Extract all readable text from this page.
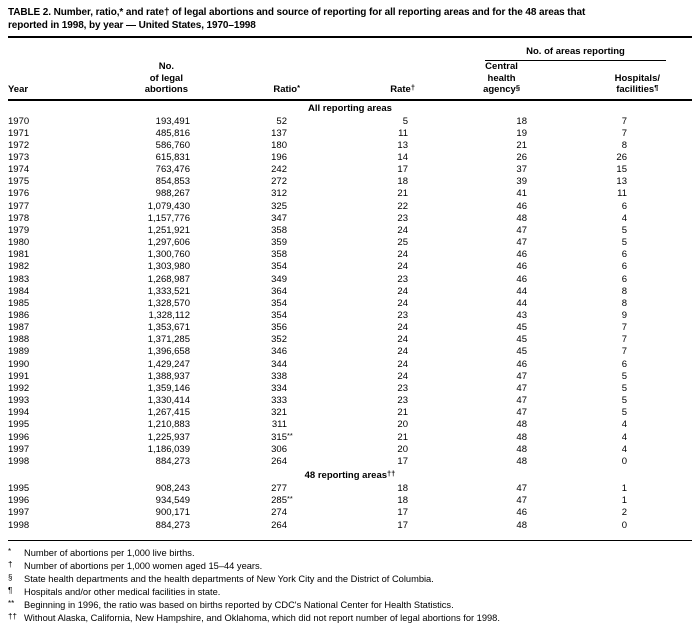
TABLE 2. Number, ratio,* and rate† of legal abortions and source of reporting for all reporting areas and for the 48 areas that
reported in 1998, by year — United States, 1970–1998

				No. of areas reporting	

Year	No.
of legal
abortions	Ratio*	Rate†	Central
health
agency§	Hospitals/
facilities¶

All reporting areas					
1970	193,491	52	5	18	7
1971	485,816	137	11	19	7
1972	586,760	180	13	21	8
1973	615,831	196	14	26	26
1974	763,476	242	17	37	15
1975	854,853	272	18	39	13
1976	988,267	312	21	41	11
1977	1,079,430	325	22	46	6
1978	1,157,776	347	23	48	4
1979	1,251,921	358	24	47	5
1980	1,297,606	359	25	47	5
1981	1,300,760	358	24	46	6
1982	1,303,980	354	24	46	6
1983	1,268,987	349	23	46	6
1984	1,333,521	364	24	44	8
1985	1,328,570	354	24	44	8
1986	1,328,112	354	23	43	9
1987	1,353,671	356	24	45	7
1988	1,371,285	352	24	45	7
1989	1,396,658	346	24	45	7
1990	1,429,247	344	24	46	6
1991	1,388,937	338	24	47	5
1992	1,359,146	334	23	47	5
1993	1,330,414	333	23	47	5
1994	1,267,415	321	21	47	5
1995	1,210,883	311	20	48	4
1996	1,225,937	315**	21	48	4
1997	1,186,039	306	20	48	4
1998	884,273	264	17	48	0
48 reporting areas††
1995	908,243	277	18	47	1
1996	934,549	285**	18	47	1
1997	900,171	274	17	46	2
1998	884,273	264	17	48	0
* Number of abortions per 1,000 live births.
† Number of abortions per 1,000 women aged 15–44 years.
§ State health departments and the health departments of New York City and the District of Columbia.
¶ Hospitals and/or other medical facilities in state.
** Beginning in 1996, the ratio was based on births reported by CDC's National Center for Health Statistics.
†† Without Alaska, California, New Hampshire, and Oklahoma, which did not report number of legal abortions for 1998.
